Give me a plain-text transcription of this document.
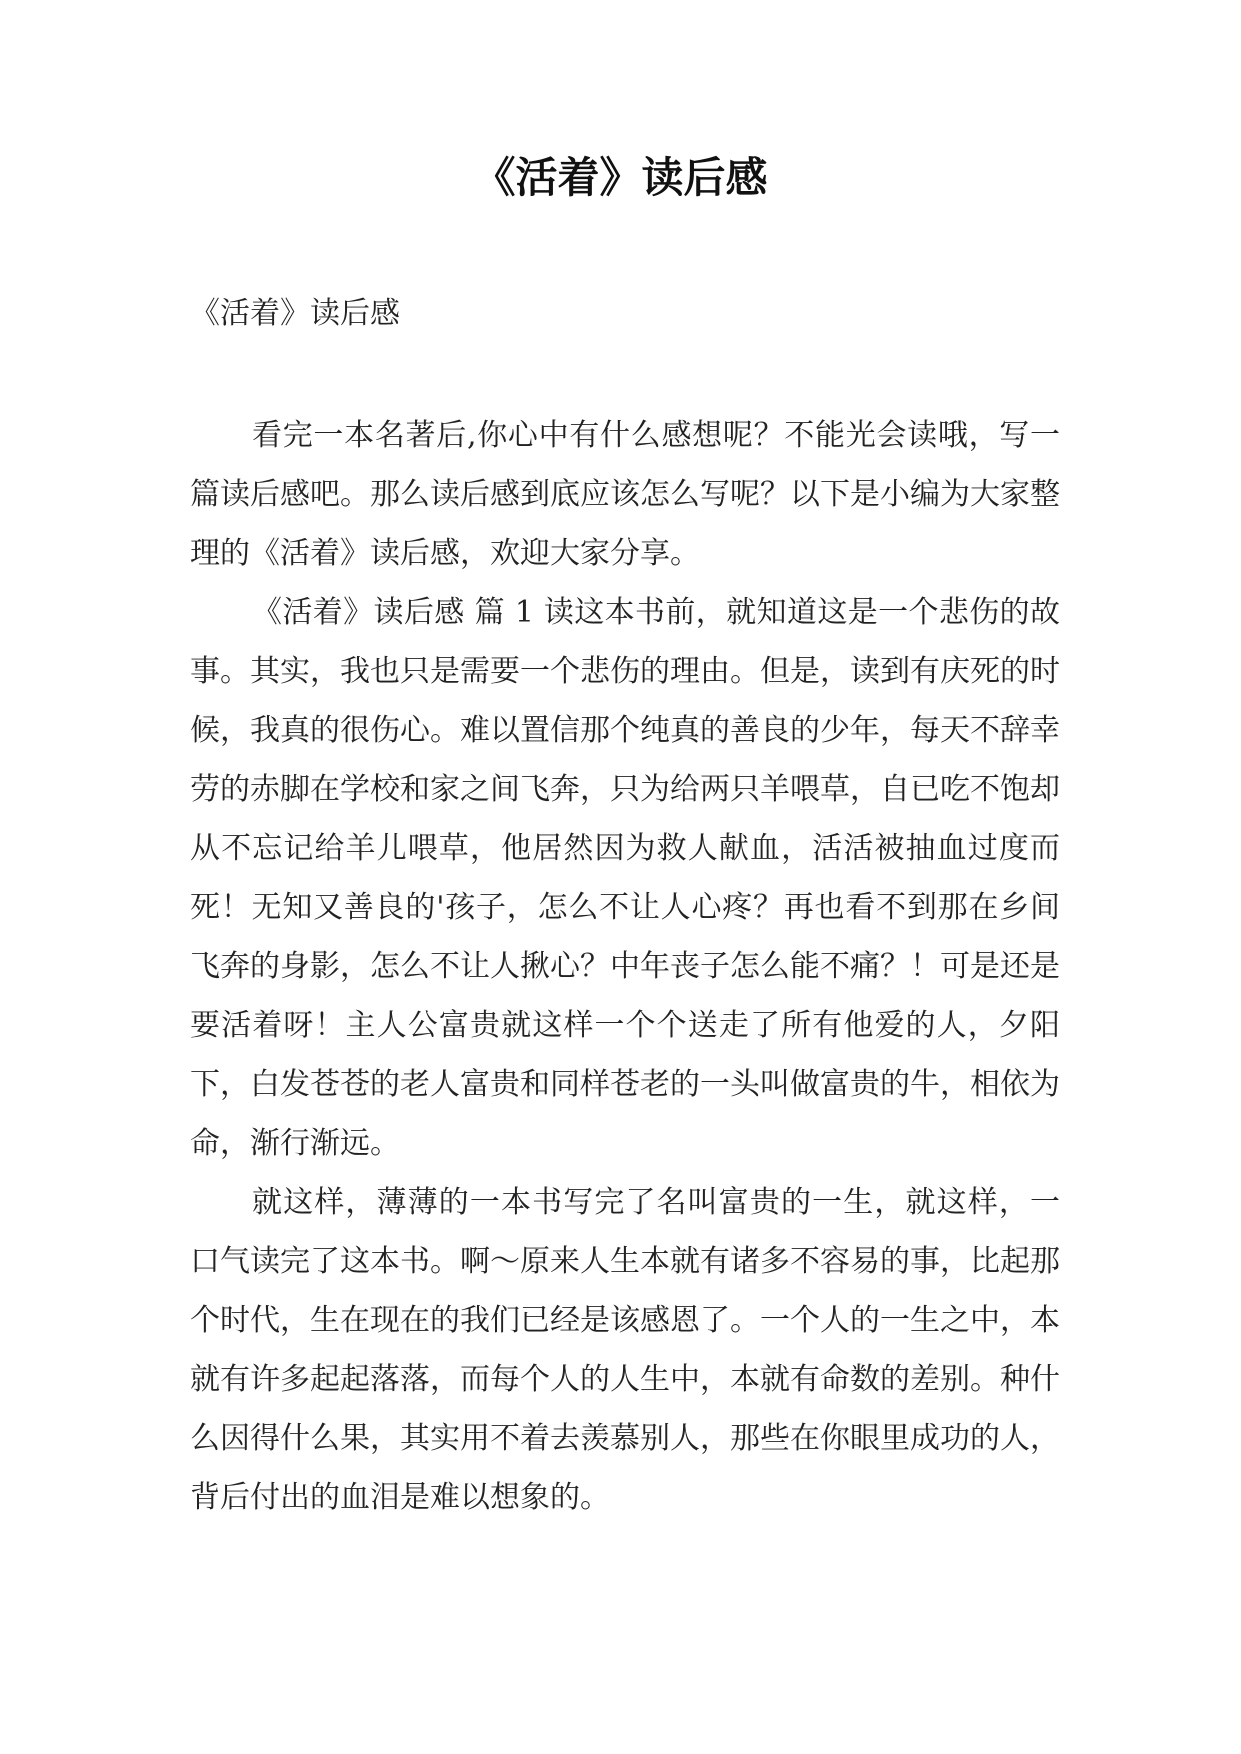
《活着》读后感
《活着》读后感

看完一本名著后,你心中有什么感想呢？不能光会读哦，写一篇读后感吧。那么读后感到底应该怎么写呢？以下是小编为大家整理的《活着》读后感，欢迎大家分享。

《活着》读后感 篇 1 读这本书前，就知道这是一个悲伤的故事。其实，我也只是需要一个悲伤的理由。但是，读到有庆死的时候，我真的很伤心。难以置信那个纯真的善良的少年，每天不辞幸劳的赤脚在学校和家之间飞奔，只为给两只羊喂草，自已吃不饱却从不忘记给羊儿喂草，他居然因为救人献血，活活被抽血过度而死！无知又善良的'孩子，怎么不让人心疼？再也看不到那在乡间飞奔的身影，怎么不让人揪心？中年丧子怎么能不痛？！可是还是要活着呀！主人公富贵就这样一个个送走了所有他爱的人，夕阳下，白发苍苍的老人富贵和同样苍老的一头叫做富贵的牛，相依为命，渐行渐远。

就这样，薄薄的一本书写完了名叫富贵的一生，就这样，一口气读完了这本书。啊～原来人生本就有诸多不容易的事，比起那个时代，生在现在的我们已经是该感恩了。一个人的一生之中，本就有许多起起落落，而每个人的人生中，本就有命数的差别。种什么因得什么果，其实用不着去羡慕别人，那些在你眼里成功的人，背后付出的血泪是难以想象的。
